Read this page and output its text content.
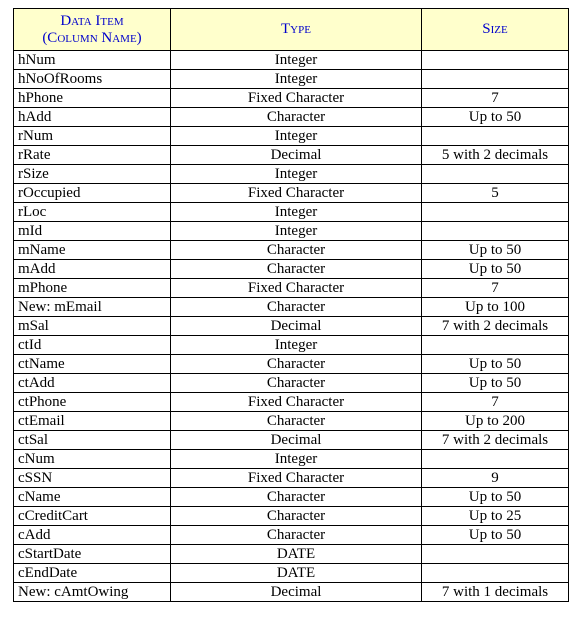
Data Item
(Column Name)	Type	Size
hNum	Integer	
hNoOfRooms	Integer	
hPhone	Fixed Character	7
hAdd	Character	Up to 50
rNum	Integer	
rRate	Decimal	5 with 2 decimals
rSize	Integer	
rOccupied	Fixed Character	5
rLoc	Integer	
mId	Integer	
mName	Character	Up to 50
mAdd	Character	Up to 50
mPhone	Fixed Character	7
New: mEmail	Character	Up to 100
mSal	Decimal	7 with 2 decimals
ctId	Integer	
ctName	Character	Up to 50
ctAdd	Character	Up to 50
ctPhone	Fixed Character	7
ctEmail	Character	Up to 200
ctSal	Decimal	7 with 2 decimals
cNum	Integer	
cSSN	Fixed Character	9
cName	Character	Up to 50
cCreditCart	Character	Up to 25
cAdd	Character	Up to 50
cStartDate	DATE	
cEndDate	DATE	
New: cAmtOwing	Decimal	7 with 1 decimals
